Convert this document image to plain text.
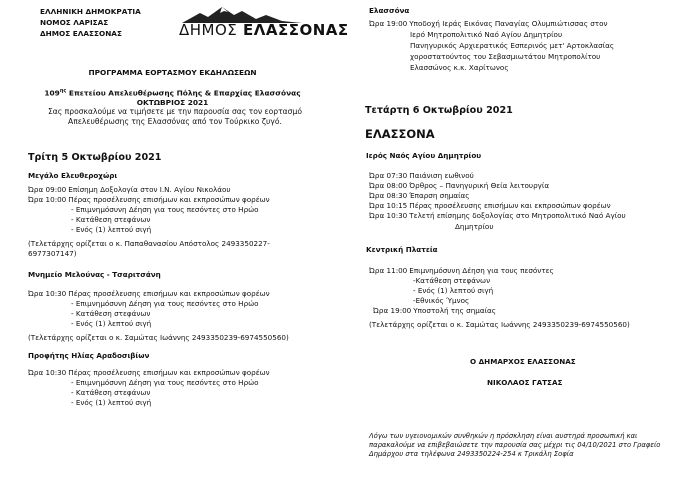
ΕΛΛΗΝΙΚΗ ΔΗΜΟΚΡΑΤΙΑ
ΝΟΜΟΣ ΛΑΡΙΣΑΣ
ΔΗΜΟΣ ΕΛΑΣΣΟΝΑΣ	ΔΗΜΟΣ ΕΛΑΣΣΟΝΑΣ
ΠΡΟΓΡΑΜΜΑ ΕΟΡΤΑΣΜΟΥ ΕΚΔΗΛΩΣΕΩΝ
$109^{\eta\varsigma}$ Επετείου Απελευθέρωσης Πόλης & Επαρχίας Ελασσόνας
ΟΚΤΩΒΡΙΟΣ 2021
Σας προσκαλούμε να τιμήσετε με την παρουσία σας τον εορτασμό
Απελευθέρωσης της Ελασσόνας από τον Τούρκικο ζυγό.
Τρίτη 5 Οκτωβρίου 2021
Μεγάλο Ελευθεροχώρι
Ώρα 09:00 Επίσημη Δοξολογία στον Ι.Ν. Αγίου Νικολάου
Ώρα 10:00 Πέρας προσέλευσης επισήμων και εκπροσώπων φορέων
- Επιμνημόσυνη Δέηση για τους πεσόντες στο Ηρώο
- Κατάθεση στεφάνων
- Ενός (1) λεπτού σιγή
(Τελετάρχης ορίζεται ο κ. Παπαθανασίου Απόστολος 2493350227-
6977307147)
Μνημείο Μελούνας - Τσαριτσάνη
Ώρα 10:30 Πέρας προσέλευσης επισήμων και εκπροσώπων φορέων
- Επιμνημόσυνη Δέηση για τους πεσόντες στο Ηρώο
- Κατάθεση στεφάνων
- Ενός (1) λεπτού σιγή
(Τελετάρχης ορίζεται ο κ. Σαμώτας Ιωάννης 2493350239-6974550560)
Προφήτης Ηλίας Αραδοσιβίων
Ώρα 10:30 Πέρας προσέλευσης επισήμων και εκπροσώπων φορέων
- Επιμνημόσυνη Δέηση για τους πεσόντες στο Ηρώο
- Κατάθεση στεφάνων
- Ενός (1) λεπτού σιγή
Ελασσόνα
Ώρα 19:00 Υποδοχή Ιεράς Εικόνας Παναγίας Ολυμπιώτισσας στον
Ιερό Μητροπολιτικό Ναό Αγίου Δημητρίου
Πανηγυρικός Αρχιερατικός Εσπερινός μετ' Αρτοκλασίας
χοροστατούντος του Σεβασμιωτάτου Μητροπολίτου
Ελασσώνος κ.κ. Χαρίτωνος
Τετάρτη 6 Οκτωβρίου 2021
ΕΛΑΣΣΟΝΑ
Ιερός Ναός Αγίου Δημητρίου
Ώρα 07:30 Παιάνιση εωθινού
Ώρα 08:00 Όρθρος – Πανηγυρική Θεία λειτουργία
Ώρα 08:30 Έπαρση σημαίας
Ώρα 10:15 Πέρας προσέλευσης επισήμων και εκπροσώπων φορέων
Ώρα 10:30 Τελετή επίσημης δοξολογίας στο Μητροπολιτικό Ναό Αγίου
Δημητρίου
Κεντρική Πλατεία
Ώρα 11:00 Επιμνημόσυνη Δέηση για τους πεσόντες
-Κατάθεση στεφάνων
- Ενός (1) λεπτού σιγή
-Εθνικός Ύμνος
Ώρα 19:00 Υποστολή της σημαίας
(Τελετάρχης ορίζεται ο κ. Σαμώτας Ιωάννης 2493350239-6974550560)
Ο ΔΗΜΑΡΧΟΣ ΕΛΑΣΣΟΝΑΣ
ΝΙΚΟΛΑΟΣ ΓΑΤΣΑΣ
Λόγω των υγειονομικών συνθηκών η πρόσκληση είναι αυστηρά προσωπική και
παρακαλούμε να επιβεβαιώσετε την παρουσία σας μέχρι τις 04/10/2021 στο Γραφείο
Δημάρχου στα τηλέφωνα 2493350224-254 κ Τρικάλη Σοφία
